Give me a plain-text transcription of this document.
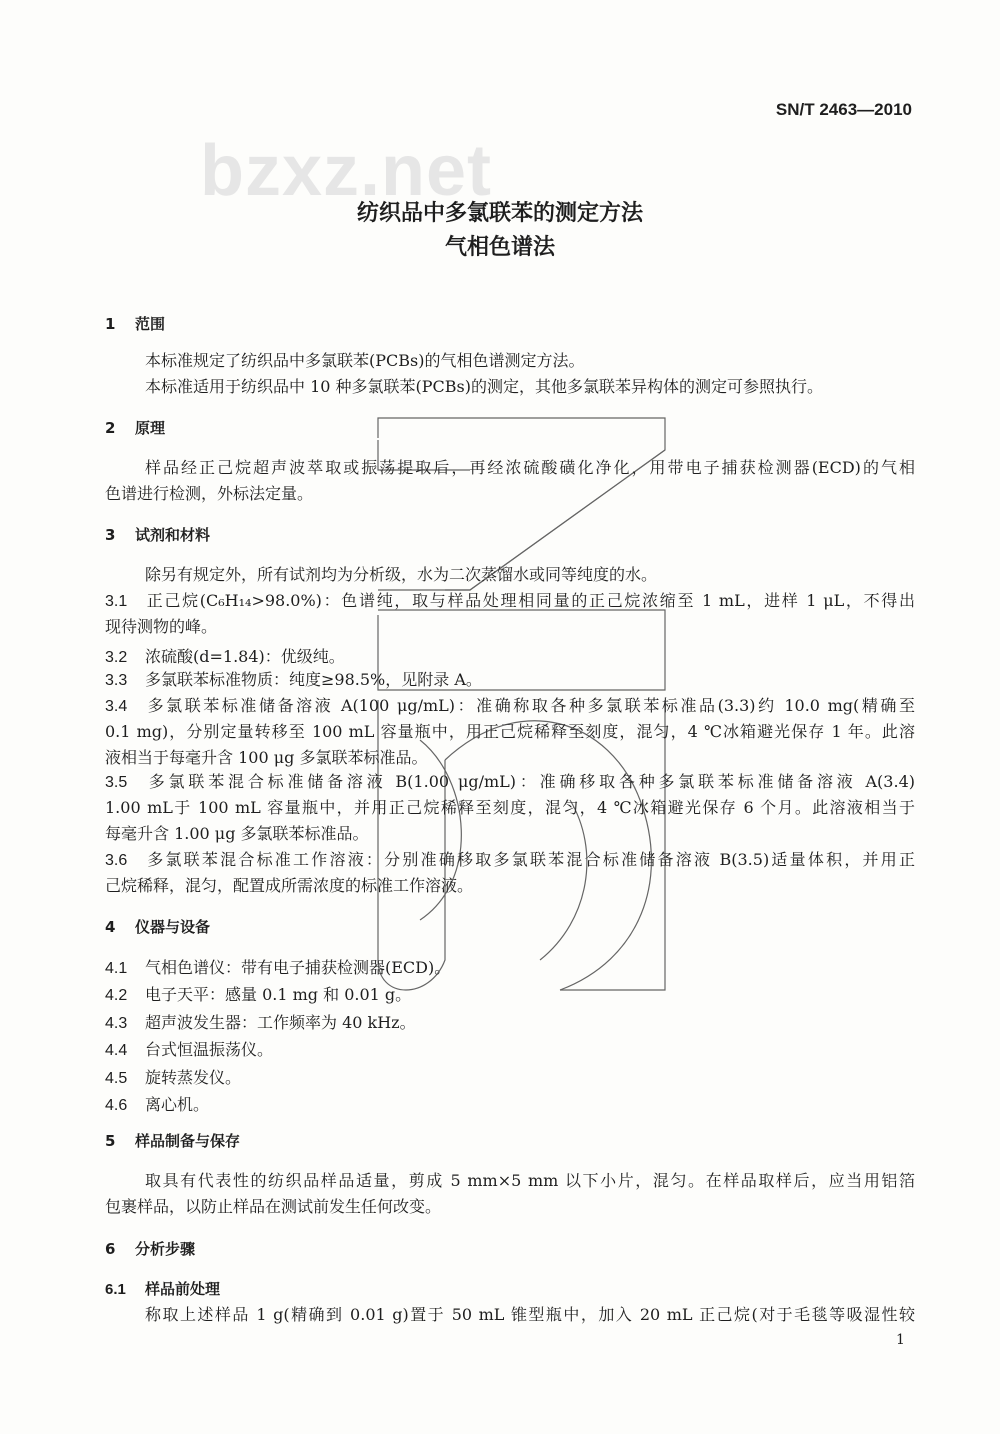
bzxz.net
SN/T 2463—2010
纺织品中多氯联苯的测定方法
气相色谱法
1 范围
本标准规定了纺织品中多氯联苯(PCBs)的气相色谱测定方法。
本标准适用于纺织品中 10 种多氯联苯(PCBs)的测定，其他多氯联苯异构体的测定可参照执行。
2 原理
样品经正己烷超声波萃取或振荡提取后，再经浓硫酸磺化净化，用带电子捕获检测器(ECD)的气相
色谱进行检测，外标法定量。
3 试剂和材料
除另有规定外，所有试剂均为分析级，水为二次蒸馏水或同等纯度的水。
3.1 正己烷(C₆H₁₄>98.0%)：色谱纯，取与样品处理相同量的正己烷浓缩至 1 mL，进样 1 μL，不得出
现待测物的峰。
3.2 浓硫酸(d=1.84)：优级纯。
3.3 多氯联苯标准物质：纯度≥98.5%，见附录 A。
3.4 多氯联苯标准储备溶液 A(100 μg/mL)：准确称取各种多氯联苯标准品(3.3)约 10.0 mg(精确至
0.1 mg)，分别定量转移至 100 mL 容量瓶中，用正己烷稀释至刻度，混匀，4 ℃冰箱避光保存 1 年。此溶
液相当于每毫升含 100 μg 多氯联苯标准品。
3.5 多氯联苯混合标准储备溶液 B(1.00 μg/mL)：准确移取各种多氯联苯标准储备溶液 A(3.4)
1.00 mL于 100 mL 容量瓶中，并用正己烷稀释至刻度，混匀，4 ℃冰箱避光保存 6 个月。此溶液相当于
每毫升含 1.00 μg 多氯联苯标准品。
3.6 多氯联苯混合标准工作溶液：分别准确移取多氯联苯混合标准储备溶液 B(3.5)适量体积，并用正
己烷稀释，混匀，配置成所需浓度的标准工作溶液。
4 仪器与设备
4.1 气相色谱仪：带有电子捕获检测器(ECD)。
4.2 电子天平：感量 0.1 mg 和 0.01 g。
4.3 超声波发生器：工作频率为 40 kHz。
4.4 台式恒温振荡仪。
4.5 旋转蒸发仪。
4.6 离心机。
5 样品制备与保存
取具有代表性的纺织品样品适量，剪成 5 mm×5 mm 以下小片，混匀。在样品取样后，应当用铝箔
包裹样品，以防止样品在测试前发生任何改变。
6 分析步骤
6.1 样品前处理
称取上述样品 1 g(精确到 0.01 g)置于 50 mL 锥型瓶中，加入 20 mL 正己烷(对于毛毯等吸湿性较
1
